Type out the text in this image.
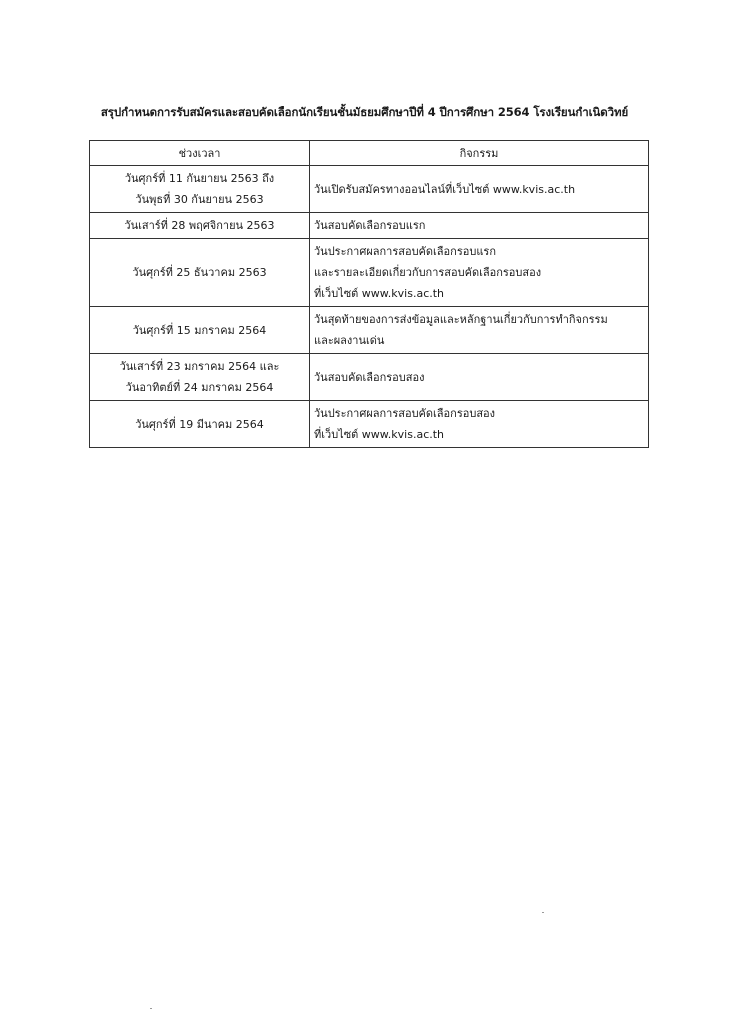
สรุปกำหนดการรับสมัครและสอบคัดเลือกนักเรียนชั้นมัธยมศึกษาปีที่ 4 ปีการศึกษา 2564 โรงเรียนกำเนิดวิทย์
ช่วงเวลา	กิจกรรม

วันศุกร์ที่ 11 กันยายน 2563 ถึง
วันพุธที่ 30 กันยายน 2563	วันเปิดรับสมัครทางออนไลน์ที่เว็บไซต์ www.kvis.ac.th

วันเสาร์ที่ 28 พฤศจิกายน 2563	วันสอบคัดเลือกรอบแรก

วันศุกร์ที่ 25 ธันวาคม 2563	วันประกาศผลการสอบคัดเลือกรอบแรก
และรายละเอียดเกี่ยวกับการสอบคัดเลือกรอบสอง
ที่เว็บไซต์ www.kvis.ac.th

วันศุกร์ที่ 15 มกราคม 2564	วันสุดท้ายของการส่งข้อมูลและหลักฐานเกี่ยวกับการทำกิจกรรม
และผลงานเด่น

วันเสาร์ที่ 23 มกราคม 2564 และ
วันอาทิตย์ที่ 24 มกราคม 2564	วันสอบคัดเลือกรอบสอง

วันศุกร์ที่ 19 มีนาคม 2564	วันประกาศผลการสอบคัดเลือกรอบสอง
ที่เว็บไซต์ www.kvis.ac.th
